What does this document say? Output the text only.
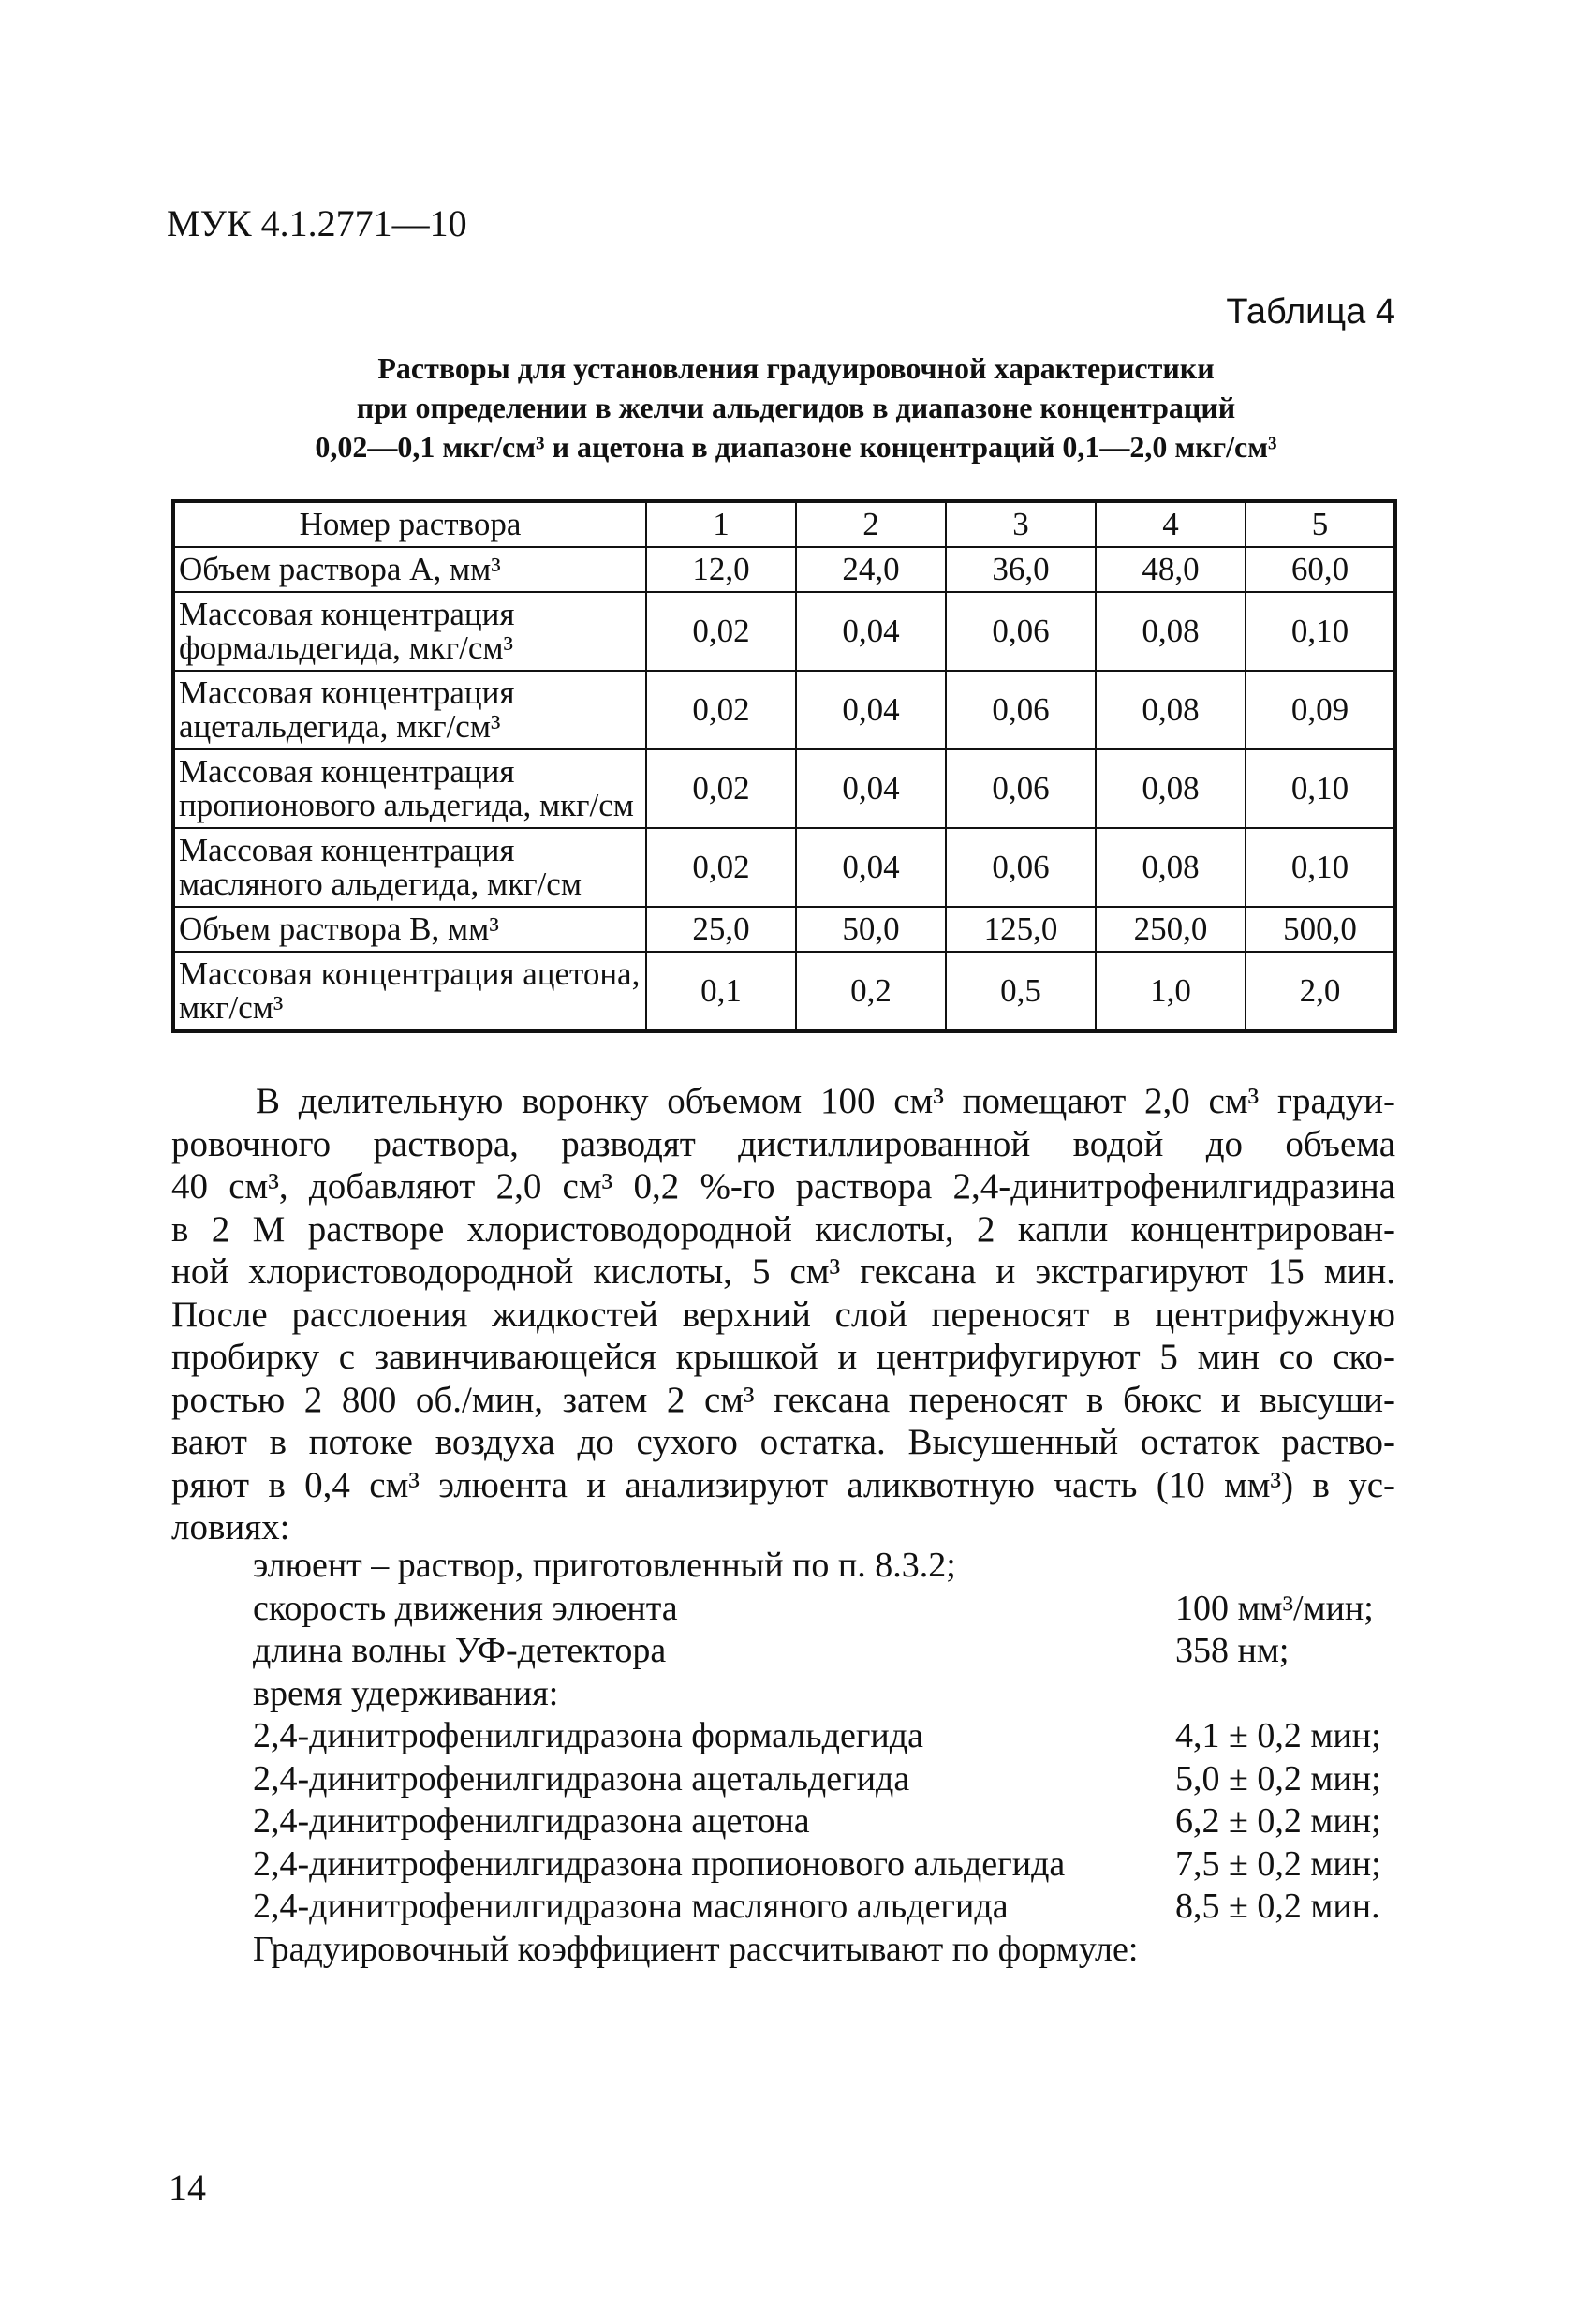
МУК 4.1.2771—10
Таблица 4
Растворы для установления градуировочной характеристики
при определении в желчи альдегидов в диапазоне концентраций
0,02—0,1 мкг/см³ и ацетона в диапазоне концентраций 0,1—2,0 мкг/см³
Номер раствора	1	2	3	4	5
Объем раствора А, мм³	12,0	24,0	36,0	48,0	60,0
Массовая концентрация формальдегида, мкг/см³	0,02	0,04	0,06	0,08	0,10
Массовая концентрация ацетальдегида, мкг/см³	0,02	0,04	0,06	0,08	0,09
Массовая концентрация пропионового альдегида, мкг/см	0,02	0,04	0,06	0,08	0,10
Массовая концентрация масляного альдегида, мкг/см	0,02	0,04	0,06	0,08	0,10
Объем раствора В, мм³	25,0	50,0	125,0	250,0	500,0
Массовая концентрация ацетона, мкг/см³	0,1	0,2	0,5	1,0	2,0
В делительную воронку объемом 100 см³ помещают 2,0 см³ градуи-
ровочного раствора, разводят дистиллированной водой до объема
40 см³, добавляют 2,0 см³ 0,2 %-го раствора 2,4-динитрофенилгидразина
в 2 М растворе хлористоводородной кислоты, 2 капли концентрирован-
ной хлористоводородной кислоты, 5 см³ гексана и экстрагируют 15 мин.
После расслоения жидкостей верхний слой переносят в центрифужную
пробирку с завинчивающейся крышкой и центрифугируют 5 мин со ско-
ростью 2 800 об./мин, затем 2 см³ гексана переносят в бюкс и высуши-
вают в потоке воздуха до сухого остатка. Высушенный остаток раство-
ряют в 0,4 см³ элюента и анализируют аликвотную часть (10 мм³) в ус-
ловиях:
элюент – раствор, приготовленный по п. 8.3.2;
скорость движения элюента	100 мм³/мин;
длина волны УФ-детектора	358 нм;
время удерживания:
2,4-динитрофенилгидразона формальдегида	4,1 ± 0,2 мин;
2,4-динитрофенилгидразона ацетальдегида	5,0 ± 0,2 мин;
2,4-динитрофенилгидразона ацетона	6,2 ± 0,2 мин;
2,4-динитрофенилгидразона пропионового альдегида	7,5 ± 0,2 мин;
2,4-динитрофенилгидразона масляного альдегида	8,5 ± 0,2 мин.
Градуировочный коэффициент рассчитывают по формуле:
14
